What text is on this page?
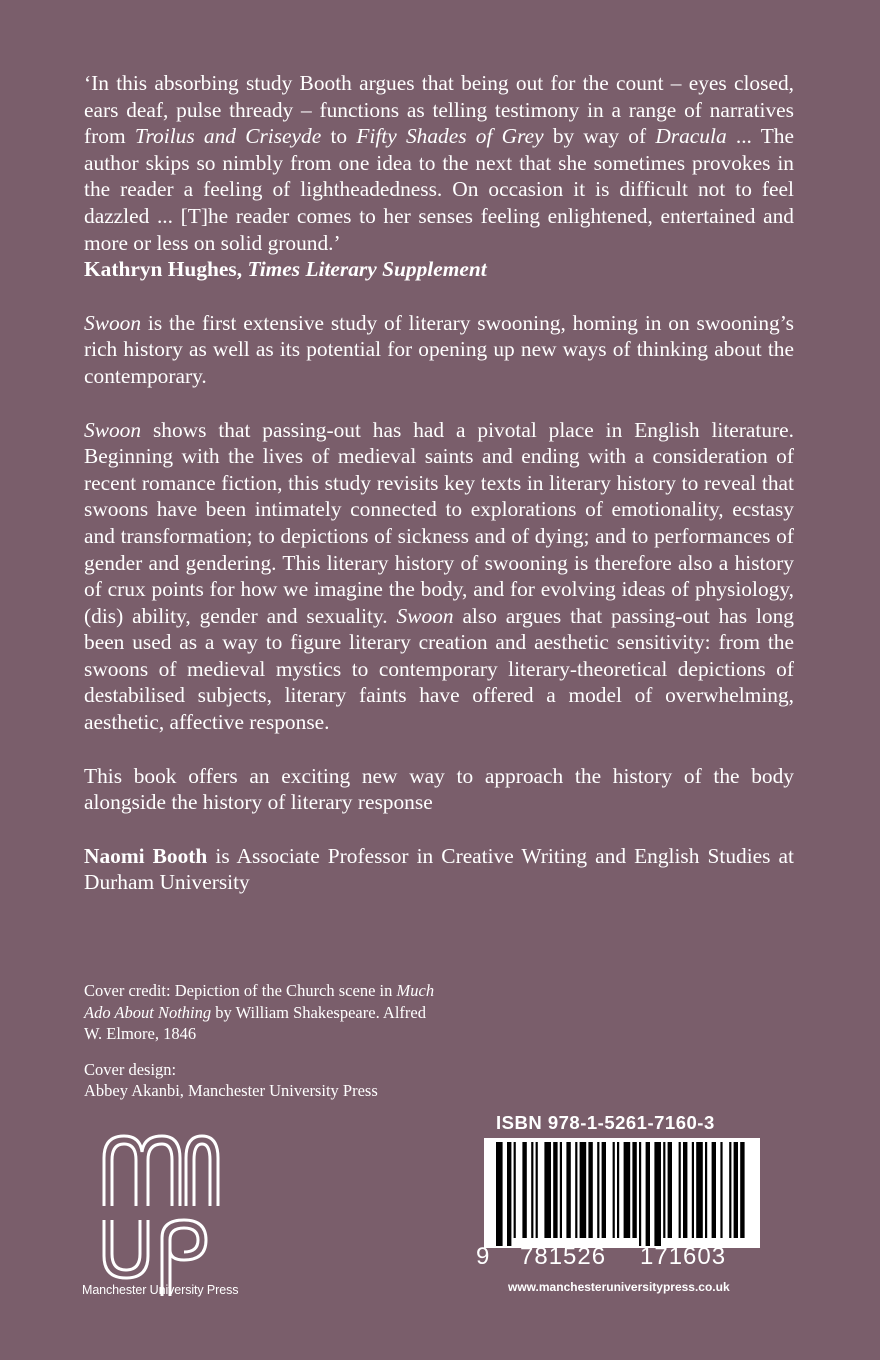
‘In this absorbing study Booth argues that being out for the count – eyes closed, ears deaf, pulse thready – functions as telling testimony in a range of narratives from Troilus and Criseyde to Fifty Shades of Grey by way of Dracula ... The author skips so nimbly from one idea to the next that she sometimes provokes in the reader a feeling of lightheadedness. On occasion it is difficult not to feel dazzled ... [T]he reader comes to her senses feeling enlightened, entertained and more or less on solid ground.’

Kathryn Hughes, Times Literary Supplement

Swoon is the first extensive study of literary swooning, homing in on swooning’s rich history as well as its potential for opening up new ways of thinking about the contemporary.

Swoon shows that passing-out has had a pivotal place in English literature. Beginning with the lives of medieval saints and ending with a consideration of recent romance fiction, this study revisits key texts in literary history to reveal that swoons have been intimately connected to explorations of emotionality, ecstasy and transformation; to depictions of sickness and of dying; and to performances of gender and gendering. This literary history of swooning is therefore also a history of crux points for how we imagine the body, and for evolving ideas of physiology, (dis) ability, gender and sexuality. Swoon also argues that passing-out has long been used as a way to figure literary creation and aesthetic sensitivity: from the swoons of medieval mystics to contemporary literary-theoretical depictions of destabilised subjects, literary faints have offered a model of overwhelming, aesthetic, affective response.

This book offers an exciting new way to approach the history of the body alongside the history of literary response

Naomi Booth is Associate Professor in Creative Writing and English Studies at Durham University

Cover credit: Depiction of the Church scene in Much Ado About Nothing by William Shakespeare. Alfred W. Elmore, 1846

Cover design:

Abbey Akanbi, Manchester University Press

Manchester University Press
ISBN 978-1-5261-7160-3
9 781526 171603
www.manchesteruniversitypress.co.uk
